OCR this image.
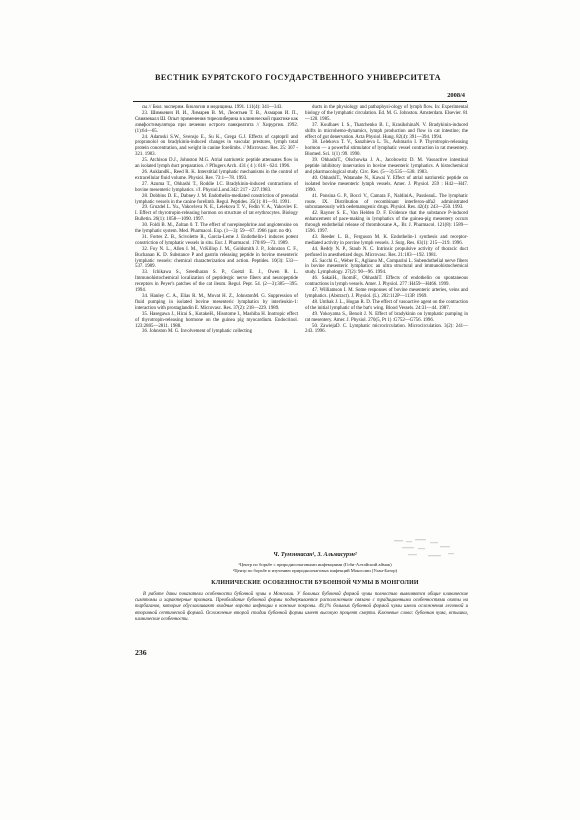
ВЕСТНИК БУРЯТСКОГО ГОСУДАРСТВЕННОГО УНИВЕРСИТЕТА
2008/4

сы // Бюл. эксперим. биологии и медицины. 1991. 111(4): 341—343.

23. Шимкевич И. И., Лимарев В. М., Леонтьев Т. В., Ахмаров И. П., Свиязевалл Ш. Опыт применения тиреолиберина в клинической практике как лимфостимулятора при лечении острого панкреатита // Хирургия. 1992. (1):64—65.

24. Adamski S.W., Svensjo E., Su K., Grega G.J. Effects of captopril and propranolol on bradykinin-induced changes in vascular prestures, lymph total protein concentration, and weight in canine forelimbs. // Microvasc. Res. 25: 307 - 321. 1983.

25. Atchison D.J., Johnston M.G. Atrial natriuretic peptide attenuates flow in an isolated lymph duct preparation. // Pflugers Arch. 431 ( 4 ): 618 - 624. 1996.

26. AuklandK., Reed R. K. Interstitial lymphatic mechanisms in the control of extracellular fluid volume. Physiol. Rev. 73:1—78. 1993.

27. Azuma T., Ohhashi T., Roddie I.C. Bradykinin-induced contractions of bovine mesenteric lymphatics. //J. Physiol.Lond.342: 217 - 227.1983.

28. Dobbins D. E., Dabney J. M. Endothelin-mediated constriction of prenodal lymphatic vessels in the canine forelimb. Regul. Peptides. 35(1): 81—91. 1991.

29. Gruzdel L. Yu., Vakovleva N. E., Lelekova T. V., Fedin V. A., Yakovlev E. I. Effect of thyrotropin-releasing hormon on structure of rat erythrocytes. Biology Bulletin. 26(1): 1058—1090. 1997.

30. Foldi B. M., Zoltan 0. T. The effect of norepinephrine and angiotensine on the lymphatic system. Med. Pharmacol. Exp. (1—3): 59—67. 1966 (цит. по Ф).

31. Fortes Z. B., Scivoletto R., Garcia-Leme J. Endothelin-1 induces potent constriction of lymphatic vessels in situ. Eur. J. Pharmacol. 170:69—73. 1989.

32. Foy N. L., Allen I. M., VcKillop J. M., Goldsmith J. P., Johnston C. F., Buchanan K. D. Substance P and gastrin releasing peptide in bovine mesenteric lymphatic vessels: chemical characterization and action. Peptides. 10(3): 533—537. 1989.

33. Ichikawa S., Sreedharan S. P., Goetzl E. J., Owen R. L. Immunohistochemical localization of peptidergic nerve fibers and neuropeptide receptors in Peyer's patches of the cat ileum. Regul. Pept. 54. (2—3):385—395. 1994.

34. Hanley C. A., Elias R. M., Movat H. Z., JohnstonM. G. Suppression of fluid pumping in isolated bovine mesenteric lymphatics by interleukin-1: interaction with prostaglandin E. Microvasc. Res. 37(2): 218—229. 1989.

35. Hasegawa J., Hirai S., KotakeH., Hisotome I., Mashiba H. Inotropic effect of thyrotropin-releasing hormone on the guinea pig myocardium. Endocrinol. 123:2805—2811. 1988.

36. Johnston M. G. Involvement of lymphatic collecting

ducts in the physiology and pathophysi-ology of lymph flow. In: Experimental biology of the lymphatic circulation. Ed. M. G. Johnston. Amsterdam. Elsevier. 81—120. 1985.

37. Koulhaev I. S., Tkatchenko B. I., KrasikshinaN. V. Bradykinin-induced shifts in microhemo-dynamics, lymph production and flow in cat intestine; the effect of gut denervation. Acta Physiol. Hung. 82(4): 391—394. 1994.

38. Lelekova T. V., Sanzhieva L. Ts., Ashmarin I. P. Thyrotropin-releasing hormon — a powerful stimulator of lymphatic vessel contraction in rat mesentery. Biomed. Sci. 1(1) :99. 1990.

39. OhhashiT., Olschowka J. A., Jacobowitz D. M. Vasoactive intestinal peptide inhibitory innervation in bovine mesenteric lymphatics. A histochemical and pharmacological study. Circ. Res. (5—3):535—538. 1983.

40. OhhashiT., Watanabe N., Kawai Y. Effect of atrial natriuretic peptide on isolated bovine mesenteric lymph vessels. Amer. J. Physiol. 259 : H42—H47. 1990.

41. Ponsina G. P., Bocci V., Camara F., NaldiniA., PassleauL. The lymphatic route. IX. Distribution of recombinant interferon-alfa2 administrated subcutaneously with oedematogenic drugs. Physiol. Res. 42(4): 243—250. 1993.

42. Rayner S. E., Van Helden D. F. Evidence that the substance P-induced enhancement of pace-making in lymphatics of the guinea-pig mesentery occurs through endothelial release of thromboxane A₂. Br. J. Pharmacol. 121(8): 1589—1596. 1997.

43. Reeder L. B., Ferguson M. K. Endothelin-1 synthesis and receptor-mediated activity in porcine lymph vessels. J. Surg. Res. 63(1): 215—219. 1996.

44. Reddy N. P., Staub N. C. Intrinsic propulsive activity of thoracic duct perfused in anesthetized dogs. Microvasc. Res. 21:183—192. 1981.

45. Sacchi G., Weber E., Agliano M., Comparini L. Subendothelial nerve fibers in bovine mesenteric lymphatics: an ultra structural and immunohistochemical study. Lymphology. 27(2): 90—96. 1994.

46. SakaiH., IkomiF., OhhashiT. Effects of endothelin on spontaneous contractions in lymph vessels. Amer. J. Physiol. 277 :H459—H466. 1999.

47. Williamson I. M. Some responses of bovine mesenteric arteries, veins and lymphatics. (Abstract). J. Physiol. (L). 202:112P—113P. 1969.

48. Unthak J. L., Hogan R. D. The effect of vasoactive agent on the contraction of the initial lymphatic of the bat's wing. Blood Vessels. 24:31—44. 1987.

49. Yokoyama S., Benoit J. N. Effect of bradykinin on lymphatic pumping in rat mesentery. Amer. J. Physiol. 270(5, Pt 1) :G752—G756. 1996.

50. ZawiejaD. C. Lymphatic microcirculation. Microcirculation. 3(2): 241—243. 1996.

Ч. Тумэннасан¹, З. Альмасурэн²
¹Центр по борьбе с природноочаговыми инфекциями (Гоби-Алтайский аймак)
²Центр по борьбе и изучению природноочаговых инфекций Монголии (Улан-Батор)
КЛИНИЧЕСКИЕ ОСОБЕННОСТИ БУБОННОЙ ЧУМЫ В МОНГОЛИИ

В работе даны показатели особенности бубонной чумы в Монголии. У больных бубонной формой чумы полностью выявляются общие клинические симптомы и характерные признаки. Преобладание бубонной формы подчеркивается расположением связано с традиционными особенностями охоты на тарбаганов, которые обуславливают входные ворота инфекции в кожные покровы. 49,1% больных бубонной формой чумы имели осложнения легочной и вторичной септической формой. Осложнение второй стадии бубонной формы имеет высокую процент смерти. Ключевые слова: бубонная чума, вспышки, клинические особенности.

236
